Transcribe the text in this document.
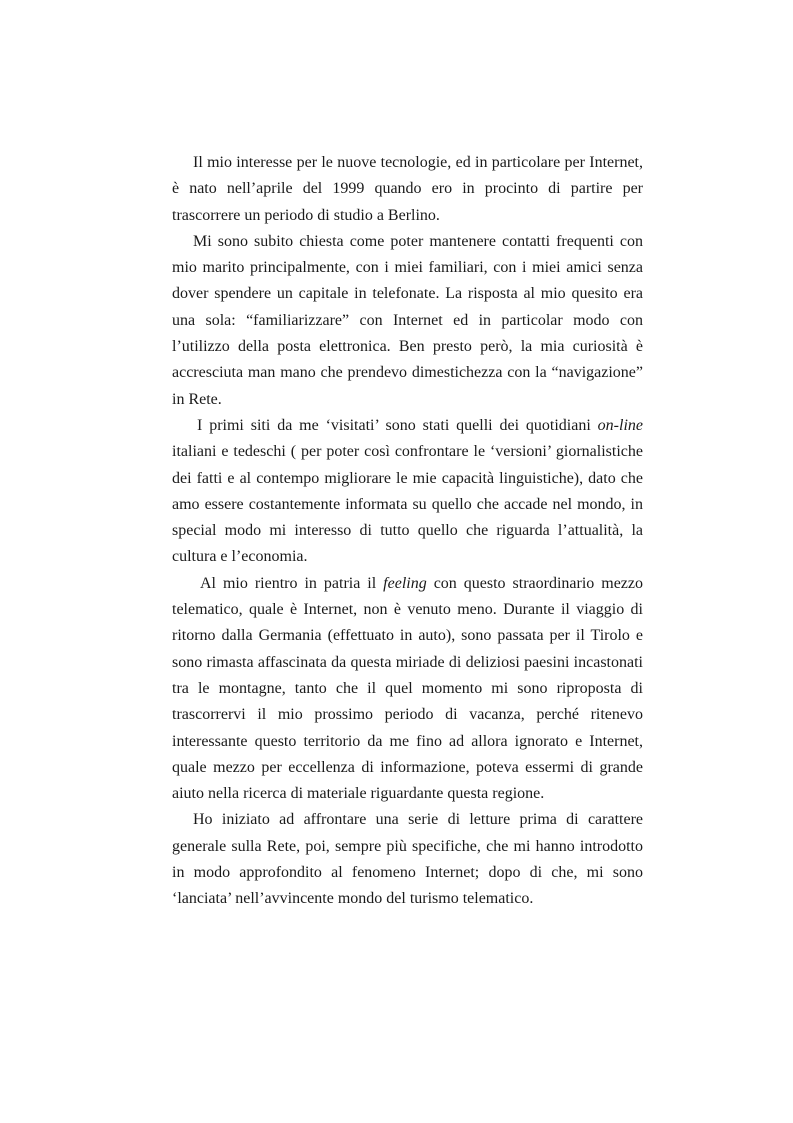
Il mio interesse per le nuove tecnologie, ed in particolare per Internet, è nato nell’aprile del 1999 quando ero in procinto di partire per trascorrere un periodo di studio a Berlino.

Mi sono subito chiesta come poter mantenere contatti frequenti con mio marito principalmente, con i miei familiari, con i miei amici senza dover spendere un capitale in telefonate. La risposta al mio quesito era una sola: “familiarizzare” con Internet ed in particolar modo con l’utilizzo della posta elettronica. Ben presto però, la mia curiosità è accresciuta man mano che prendevo dimestichezza con la “navigazione” in Rete.

I primi siti da me ‘visitati’ sono stati quelli dei quotidiani on-line italiani e tedeschi ( per poter così confrontare le ‘versioni’ giornalistiche dei fatti e al contempo migliorare le mie capacità linguistiche), dato che amo essere costantemente informata su quello che accade nel mondo, in special modo mi interesso di tutto quello che riguarda l’attualità, la cultura e l’economia.

Al mio rientro in patria il feeling con questo straordinario mezzo telematico, quale è Internet, non è venuto meno. Durante il viaggio di ritorno dalla Germania (effettuato in auto), sono passata per il Tirolo e sono rimasta affascinata da questa miriade di deliziosi paesini incastonati tra le montagne, tanto che il quel momento mi sono riproposta di trascorrervi il mio prossimo periodo di vacanza, perché ritenevo interessante questo territorio da me fino ad allora ignorato e Internet, quale mezzo per eccellenza di informazione, poteva essermi di grande aiuto nella ricerca di materiale riguardante questa regione.

Ho iniziato ad affrontare una serie di letture prima di carattere generale sulla Rete, poi, sempre più specifiche, che mi hanno introdotto in modo approfondito al fenomeno Internet; dopo di che, mi sono ‘lanciata’ nell’avvincente mondo del turismo telematico.
